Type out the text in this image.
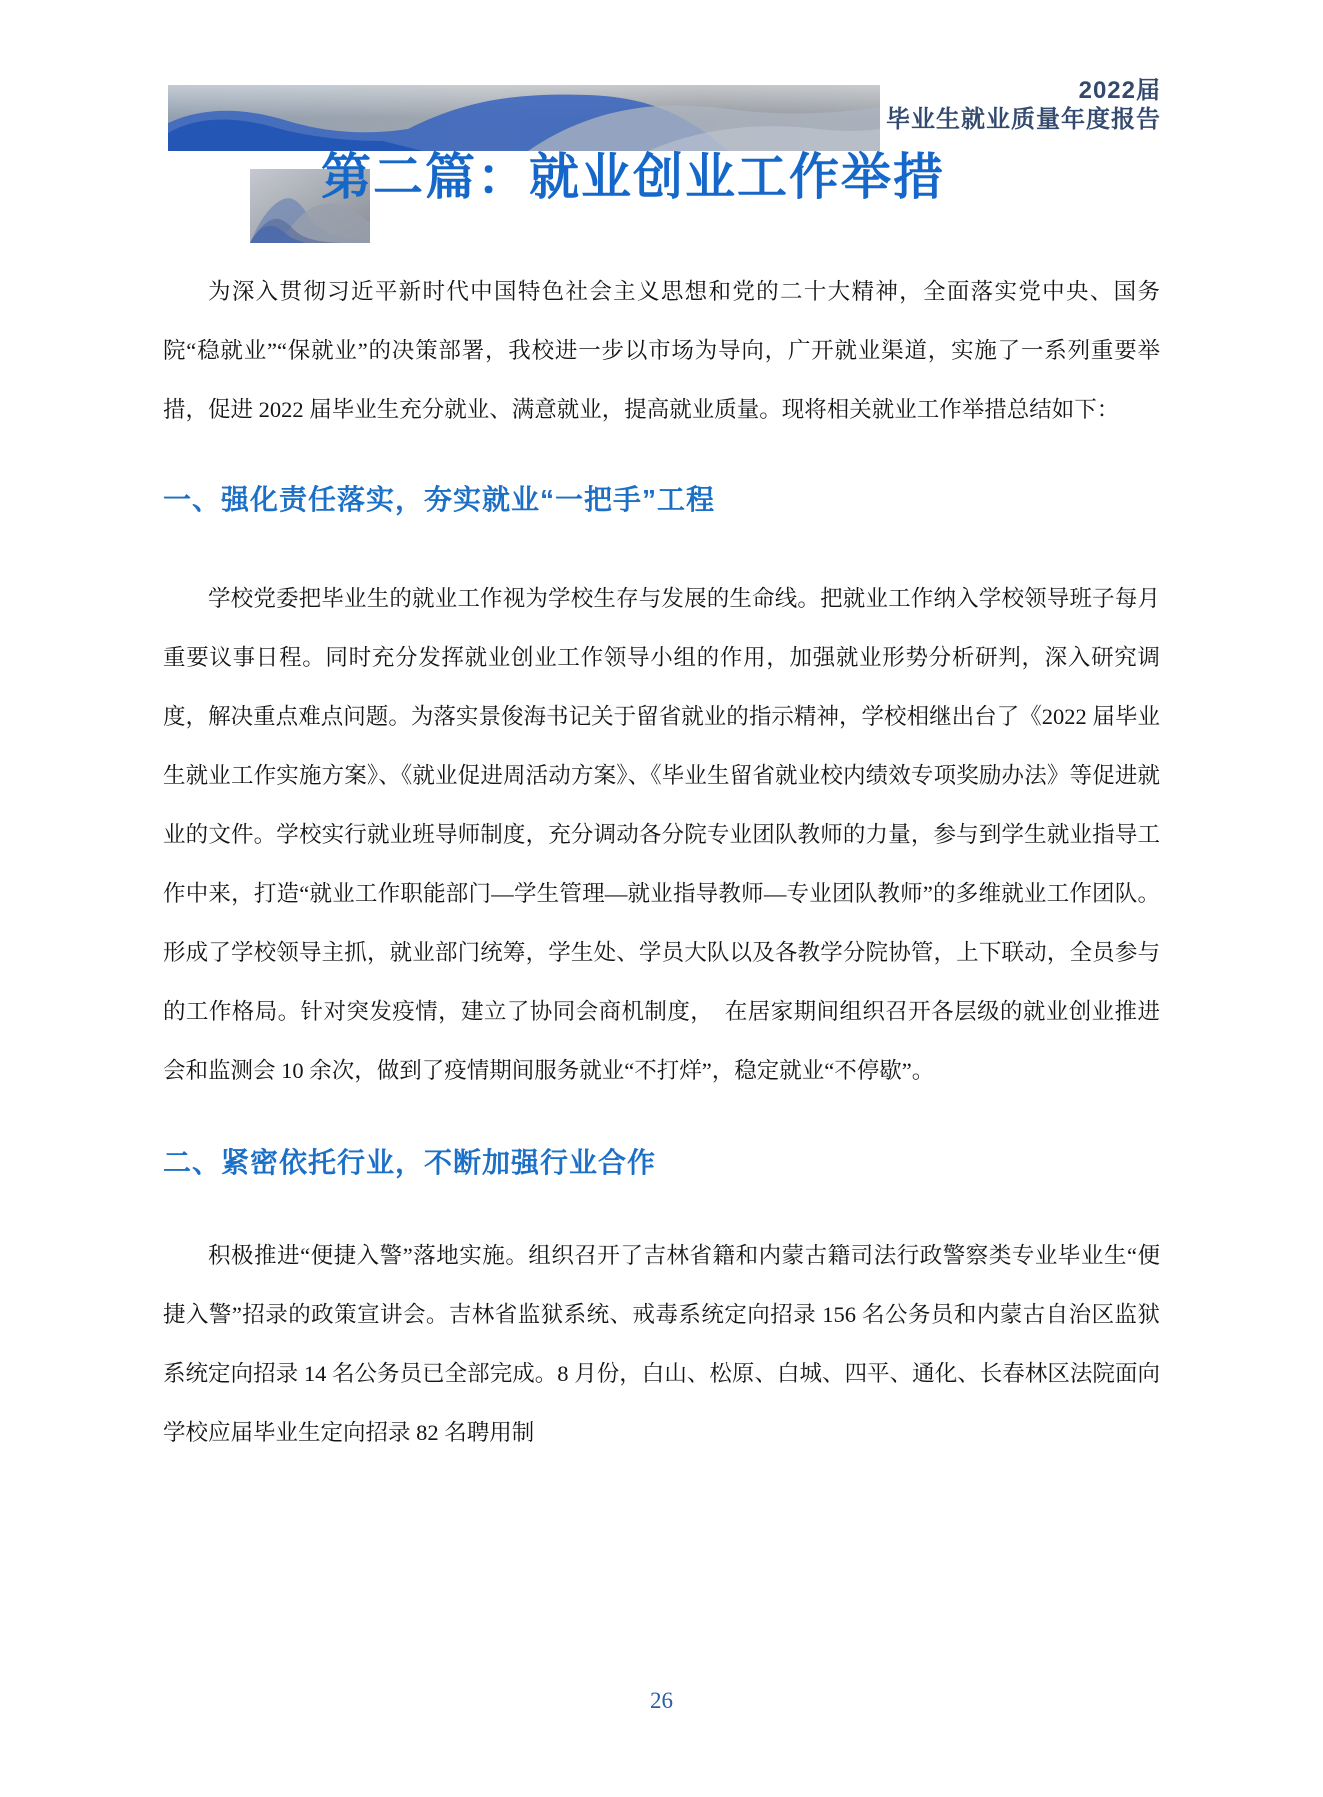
2022届
毕业生就业质量年度报告
第二篇：就业创业工作举措

为深入贯彻习近平新时代中国特色社会主义思想和党的二十大精神，全面落实党中央、国务院“稳就业”“保就业”的决策部署，我校进一步以市场为导向，广开就业渠道，实施了一系列重要举措，促进 2022 届毕业生充分就业、满意就业，提高就业质量。现将相关就业工作举措总结如下：

一、强化责任落实，夯实就业“一把手”工程

学校党委把毕业生的就业工作视为学校生存与发展的生命线。把就业工作纳入学校领导班子每月重要议事日程。同时充分发挥就业创业工作领导小组的作用，加强就业形势分析研判，深入研究调度，解决重点难点问题。为落实景俊海书记关于留省就业的指示精神，学校相继出台了《2022 届毕业生就业工作实施方案》、《就业促进周活动方案》、《毕业生留省就业校内绩效专项奖励办法》等促进就业的文件。学校实行就业班导师制度，充分调动各分院专业团队教师的力量，参与到学生就业指导工作中来，打造“就业工作职能部门—学生管理—就业指导教师—专业团队教师”的多维就业工作团队。形成了学校领导主抓，就业部门统筹，学生处、学员大队以及各教学分院协管，上下联动，全员参与的工作格局。针对突发疫情，建立了协同会商机制度，　在居家期间组织召开各层级的就业创业推进会和监测会 10 余次，做到了疫情期间服务就业“不打烊”，稳定就业“不停歇”。

二、紧密依托行业，不断加强行业合作

积极推进“便捷入警”落地实施。组织召开了吉林省籍和内蒙古籍司法行政警察类专业毕业生“便捷入警”招录的政策宣讲会。吉林省监狱系统、戒毒系统定向招录 156 名公务员和内蒙古自治区监狱系统定向招录 14 名公务员已全部完成。8 月份，白山、松原、白城、四平、通化、长春林区法院面向学校应届毕业生定向招录 82 名聘用制

26
